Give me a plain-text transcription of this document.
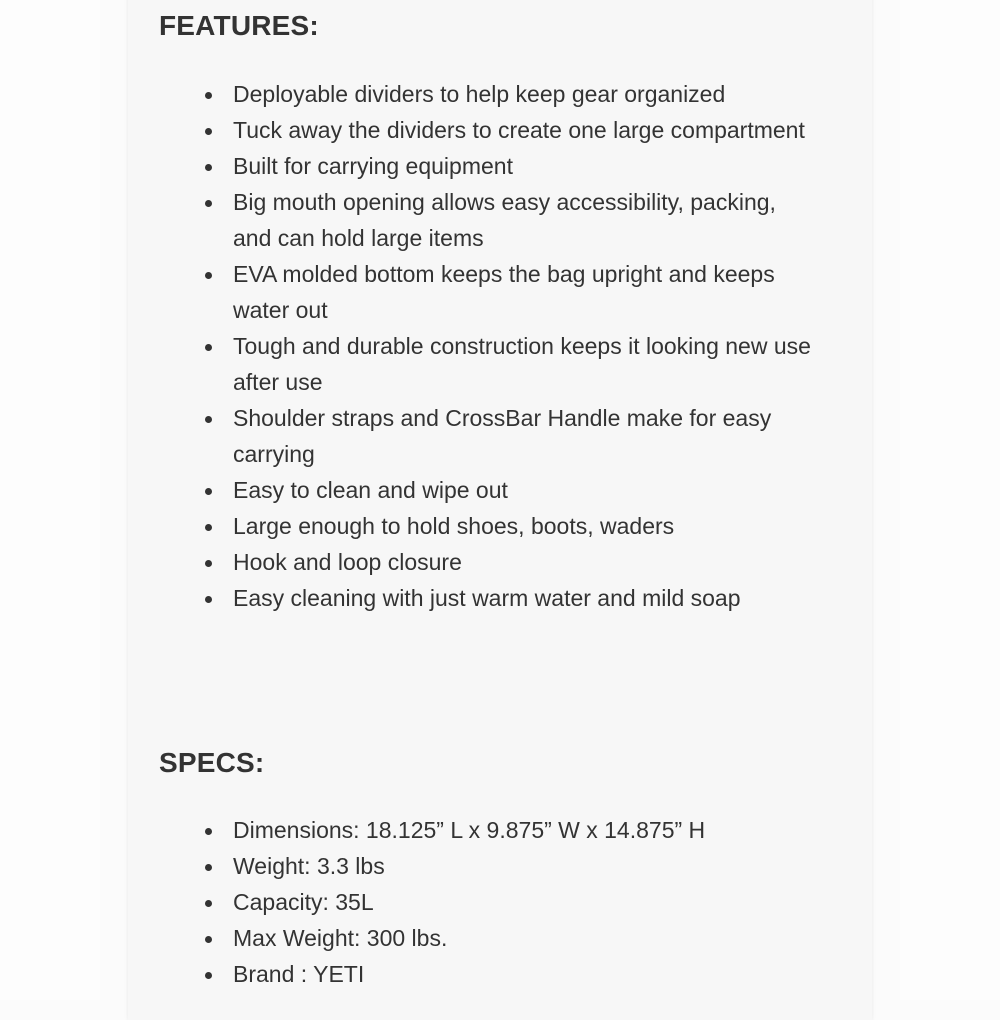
FEATURES:
Deployable dividers to help keep gear organized
Tuck away the dividers to create one large compartment
Built for carrying equipment
Big mouth opening allows easy accessibility, packing, and can hold large items
EVA molded bottom keeps the bag upright and keeps water out
Tough and durable construction keeps it looking new use after use
Shoulder straps and CrossBar Handle make for easy carrying
Easy to clean and wipe out
Large enough to hold shoes, boots, waders
Hook and loop closure
Easy cleaning with just warm water and mild soap
SPECS:
Dimensions: 18.125” L x 9.875” W x 14.875” H
Weight: 3.3 lbs
Capacity: 35L
Max Weight: 300 lbs.
Brand : YETI
